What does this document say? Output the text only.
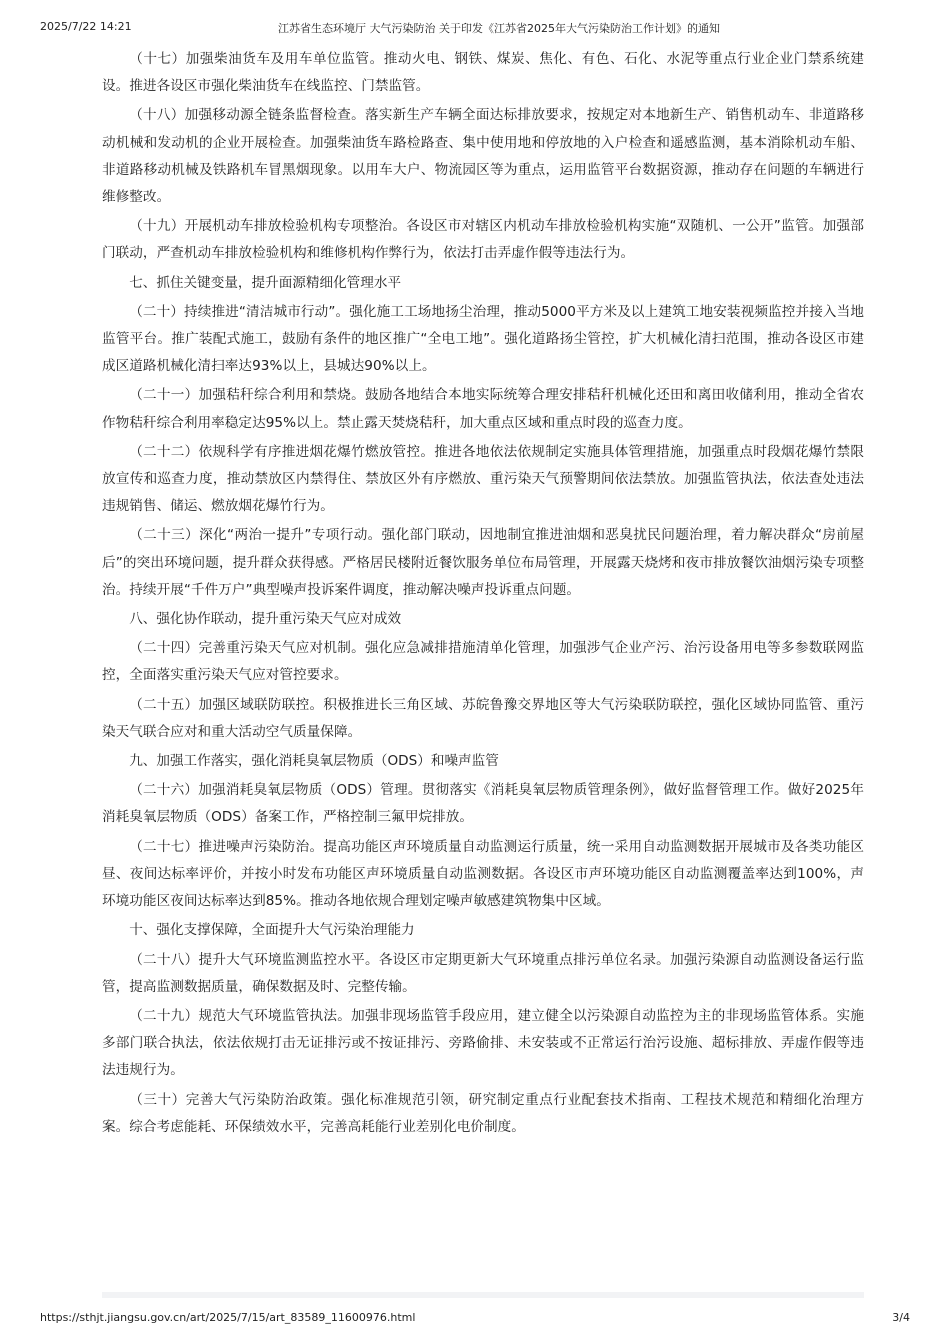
2025/7/22 14:21	江苏省生态环境厅 大气污染防治 关于印发《江苏省2025年大气污染防治工作计划》的通知

（十七）加强柴油货车及用车单位监管。推动火电、钢铁、煤炭、焦化、有色、石化、水泥等重点行业企业门禁系统建设。推进各设区市强化柴油货车在线监控、门禁监管。

（十八）加强移动源全链条监督检查。落实新生产车辆全面达标排放要求，按规定对本地新生产、销售机动车、非道路移动机械和发动机的企业开展检查。加强柴油货车路检路查、集中使用地和停放地的入户检查和遥感监测，基本消除机动车船、非道路移动机械及铁路机车冒黑烟现象。以用车大户、物流园区等为重点，运用监管平台数据资源，推动存在问题的车辆进行维修整改。

（十九）开展机动车排放检验机构专项整治。各设区市对辖区内机动车排放检验机构实施“双随机、一公开”监管。加强部门联动，严查机动车排放检验机构和维修机构作弊行为，依法打击弄虚作假等违法行为。

七、抓住关键变量，提升面源精细化管理水平

（二十）持续推进“清洁城市行动”。强化施工工场地扬尘治理，推动5000平方米及以上建筑工地安装视频监控并接入当地监管平台。推广装配式施工，鼓励有条件的地区推广“全电工地”。强化道路扬尘管控，扩大机械化清扫范围，推动各设区市建成区道路机械化清扫率达93%以上，县城达90%以上。

（二十一）加强秸秆综合利用和禁烧。鼓励各地结合本地实际统筹合理安排秸秆机械化还田和离田收储利用，推动全省农作物秸秆综合利用率稳定达95%以上。禁止露天焚烧秸秆，加大重点区域和重点时段的巡查力度。

（二十二）依规科学有序推进烟花爆竹燃放管控。推进各地依法依规制定实施具体管理措施，加强重点时段烟花爆竹禁限放宣传和巡查力度，推动禁放区内禁得住、禁放区外有序燃放、重污染天气预警期间依法禁放。加强监管执法，依法查处违法违规销售、储运、燃放烟花爆竹行为。

（二十三）深化“两治一提升”专项行动。强化部门联动，因地制宜推进油烟和恶臭扰民问题治理，着力解决群众“房前屋后”的突出环境问题，提升群众获得感。严格居民楼附近餐饮服务单位布局管理，开展露天烧烤和夜市排放餐饮油烟污染专项整治。持续开展“千件万户”典型噪声投诉案件调度，推动解决噪声投诉重点问题。

八、强化协作联动，提升重污染天气应对成效

（二十四）完善重污染天气应对机制。强化应急减排措施清单化管理，加强涉气企业产污、治污设备用电等多参数联网监控，全面落实重污染天气应对管控要求。

（二十五）加强区域联防联控。积极推进长三角区域、苏皖鲁豫交界地区等大气污染联防联控，强化区域协同监管、重污染天气联合应对和重大活动空气质量保障。

九、加强工作落实，强化消耗臭氧层物质（ODS）和噪声监管

（二十六）加强消耗臭氧层物质（ODS）管理。贯彻落实《消耗臭氧层物质管理条例》，做好监督管理工作。做好2025年消耗臭氧层物质（ODS）备案工作，严格控制三氟甲烷排放。

（二十七）推进噪声污染防治。提高功能区声环境质量自动监测运行质量，统一采用自动监测数据开展城市及各类功能区昼、夜间达标率评价，并按小时发布功能区声环境质量自动监测数据。各设区市声环境功能区自动监测覆盖率达到100%，声环境功能区夜间达标率达到85%。推动各地依规合理划定噪声敏感建筑物集中区域。

十、强化支撑保障，全面提升大气污染治理能力

（二十八）提升大气环境监测监控水平。各设区市定期更新大气环境重点排污单位名录。加强污染源自动监测设备运行监管，提高监测数据质量，确保数据及时、完整传输。

（二十九）规范大气环境监管执法。加强非现场监管手段应用，建立健全以污染源自动监控为主的非现场监管体系。实施多部门联合执法，依法依规打击无证排污或不按证排污、旁路偷排、未安装或不正常运行治污设施、超标排放、弄虚作假等违法违规行为。

（三十）完善大气污染防治政策。强化标准规范引领，研究制定重点行业配套技术指南、工程技术规范和精细化治理方案。综合考虑能耗、环保绩效水平，完善高耗能行业差别化电价制度。

https://sthjt.jiangsu.gov.cn/art/2025/7/15/art_83589_11600976.html	3/4
